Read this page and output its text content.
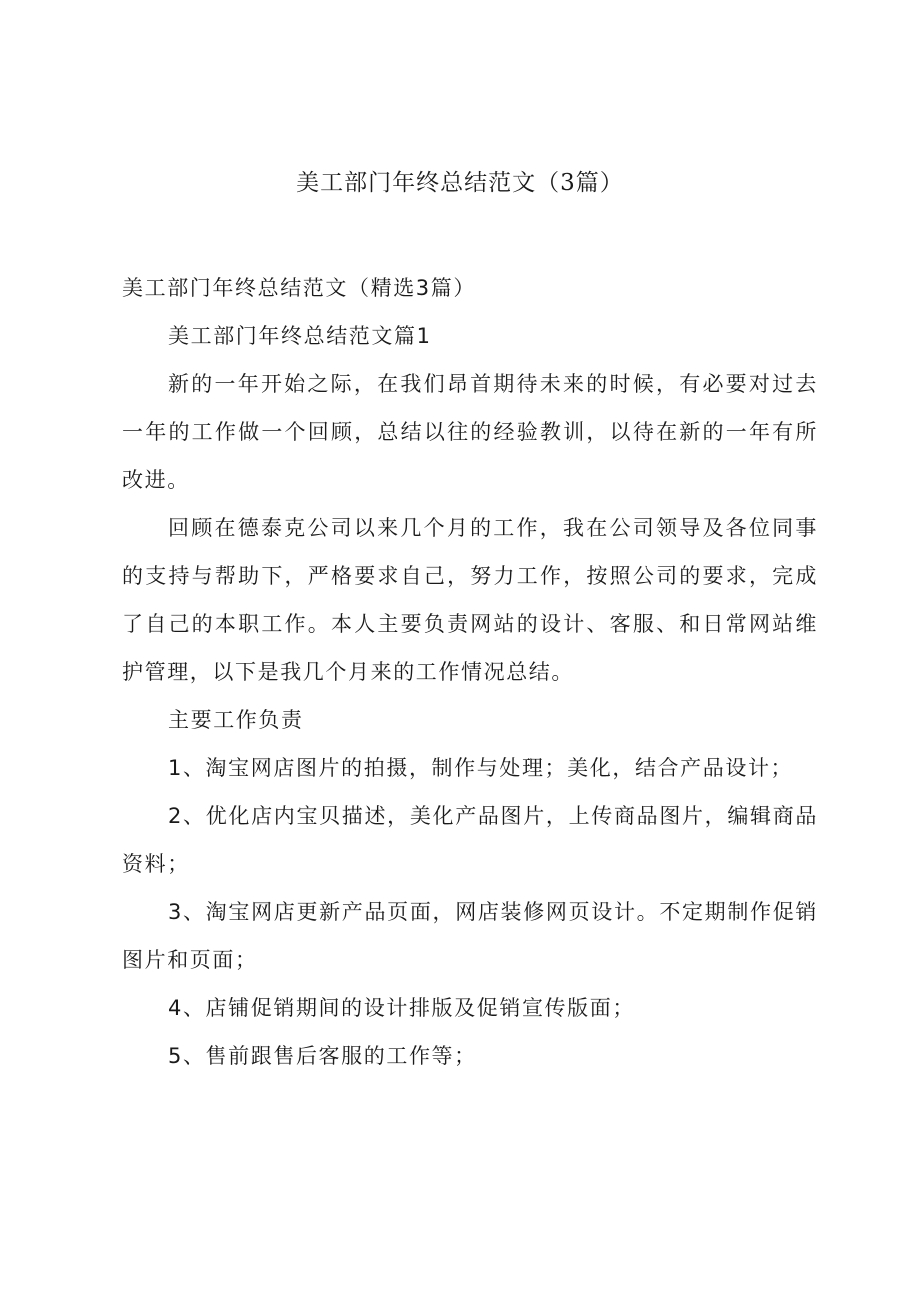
美工部门年终总结范文（3篇）

美工部门年终总结范文（精选3篇）

美工部门年终总结范文篇1

新的一年开始之际，在我们昂首期待未来的时候，有必要对过去一年的工作做一个回顾，总结以往的经验教训，以待在新的一年有所改进。

回顾在德泰克公司以来几个月的工作，我在公司领导及各位同事的支持与帮助下，严格要求自己，努力工作，按照公司的要求，完成了自己的本职工作。本人主要负责网站的设计、客服、和日常网站维护管理，以下是我几个月来的工作情况总结。

主要工作负责

1、淘宝网店图片的拍摄，制作与处理；美化，结合产品设计；

2、优化店内宝贝描述，美化产品图片，上传商品图片，编辑商品资料；

3、淘宝网店更新产品页面，网店装修网页设计。不定期制作促销图片和页面；

4、店铺促销期间的设计排版及促销宣传版面；

5、售前跟售后客服的工作等；
